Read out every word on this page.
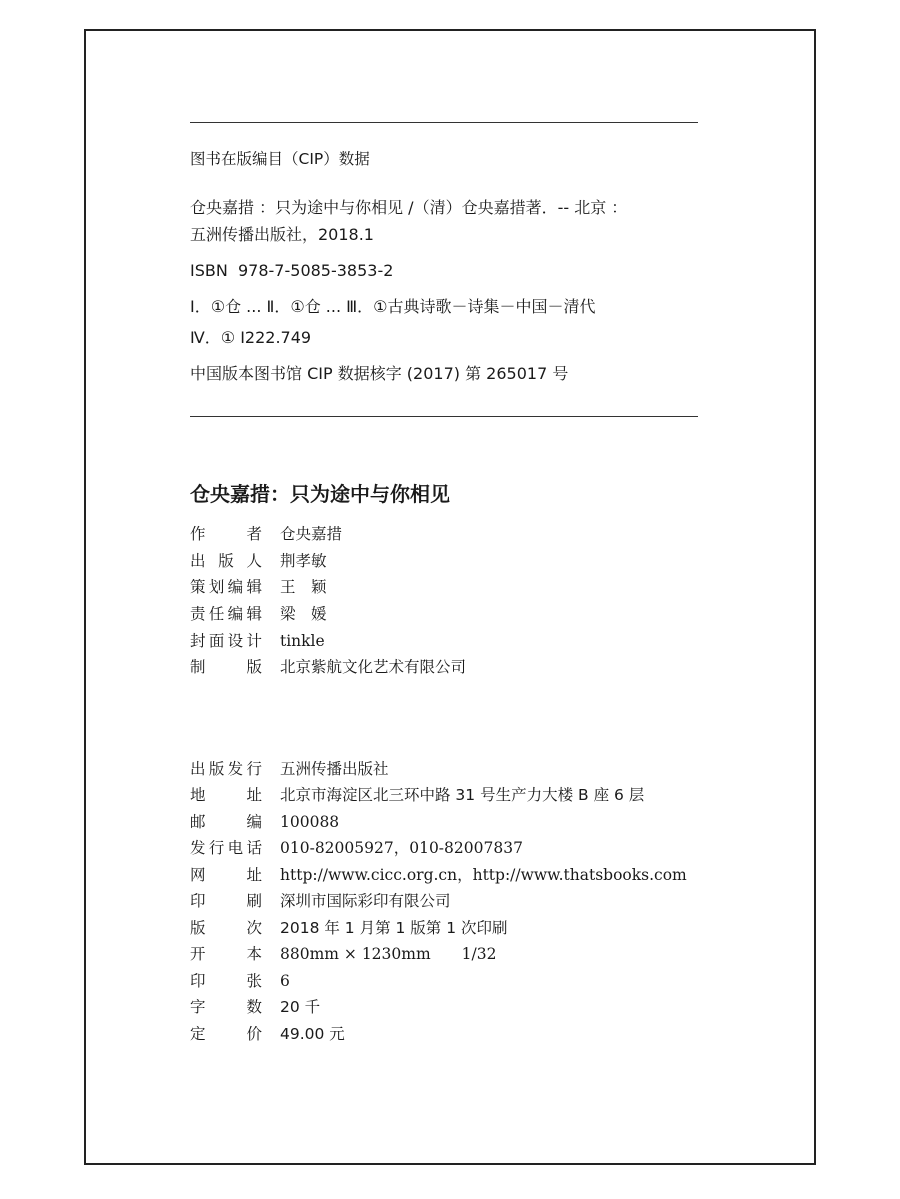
图书在版编目（CIP）数据
仓央嘉措 ：只为途中与你相见 /（清）仓央嘉措著．-- 北京 ：
五洲传播出版社，2018.1
ISBN  978-7-5085-3853-2
Ⅰ．①仓 ... Ⅱ．①仓 ... Ⅲ．①古典诗歌－诗集－中国－清代
Ⅳ．① I222.749
中国版本图书馆 CIP 数据核字 (2017) 第 265017 号
仓央嘉措：只为途中与你相见
作者 仓央嘉措
出版人 荆孝敏
策划编辑 王　颖
责任编辑 梁　媛
封面设计 tinkle
制版 北京紫航文化艺术有限公司
出版发行 五洲传播出版社
地址 北京市海淀区北三环中路 31 号生产力大楼 B 座 6 层
邮编 100088
发行电话 010-82005927，010-82007837
网址 http://www.cicc.org.cn，http://www.thatsbooks.com
印刷 深圳市国际彩印有限公司
版次 2018 年 1 月第 1 版第 1 次印刷
开本 880mm × 1230mm　　1/32
印张 6
字数 20 千
定价 49.00 元
